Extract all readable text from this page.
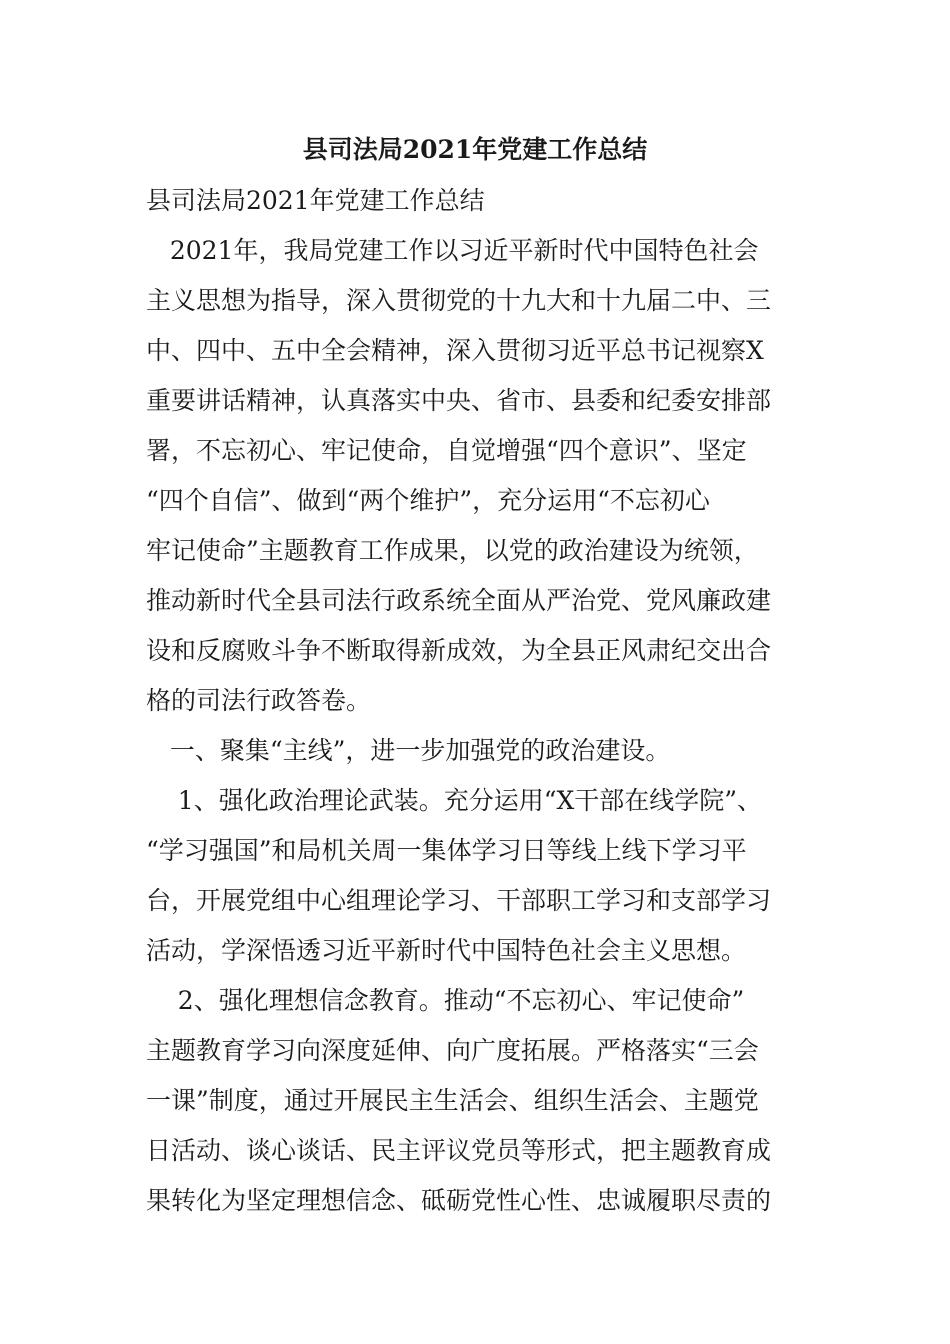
县司法局2021年党建工作总结

县司法局2021年党建工作总结

2021年，我局党建工作以习近平新时代中国特色社会

主义思想为指导，深入贯彻党的十九大和十九届二中、三

中、四中、五中全会精神，深入贯彻习近平总书记视察X

重要讲话精神，认真落实中央、省市、县委和纪委安排部

署，不忘初心、牢记使命，自觉增强“四个意识”、坚定

“四个自信”、做到“两个维护”，充分运用“不忘初心

牢记使命”主题教育工作成果，以党的政治建设为统领，

推动新时代全县司法行政系统全面从严治党、党风廉政建

设和反腐败斗争不断取得新成效，为全县正风肃纪交出合

格的司法行政答卷。

一、聚集“主线”，进一步加强党的政治建设。

1、强化政治理论武装。充分运用“X干部在线学院”、

“学习强国”和局机关周一集体学习日等线上线下学习平

台，开展党组中心组理论学习、干部职工学习和支部学习

活动，学深悟透习近平新时代中国特色社会主义思想。

2、强化理想信念教育。推动“不忘初心、牢记使命”

主题教育学习向深度延伸、向广度拓展。严格落实“三会

一课”制度，通过开展民主生活会、组织生活会、主题党

日活动、谈心谈话、民主评议党员等形式，把主题教育成

果转化为坚定理想信念、砥砺党性心性、忠诚履职尽责的
